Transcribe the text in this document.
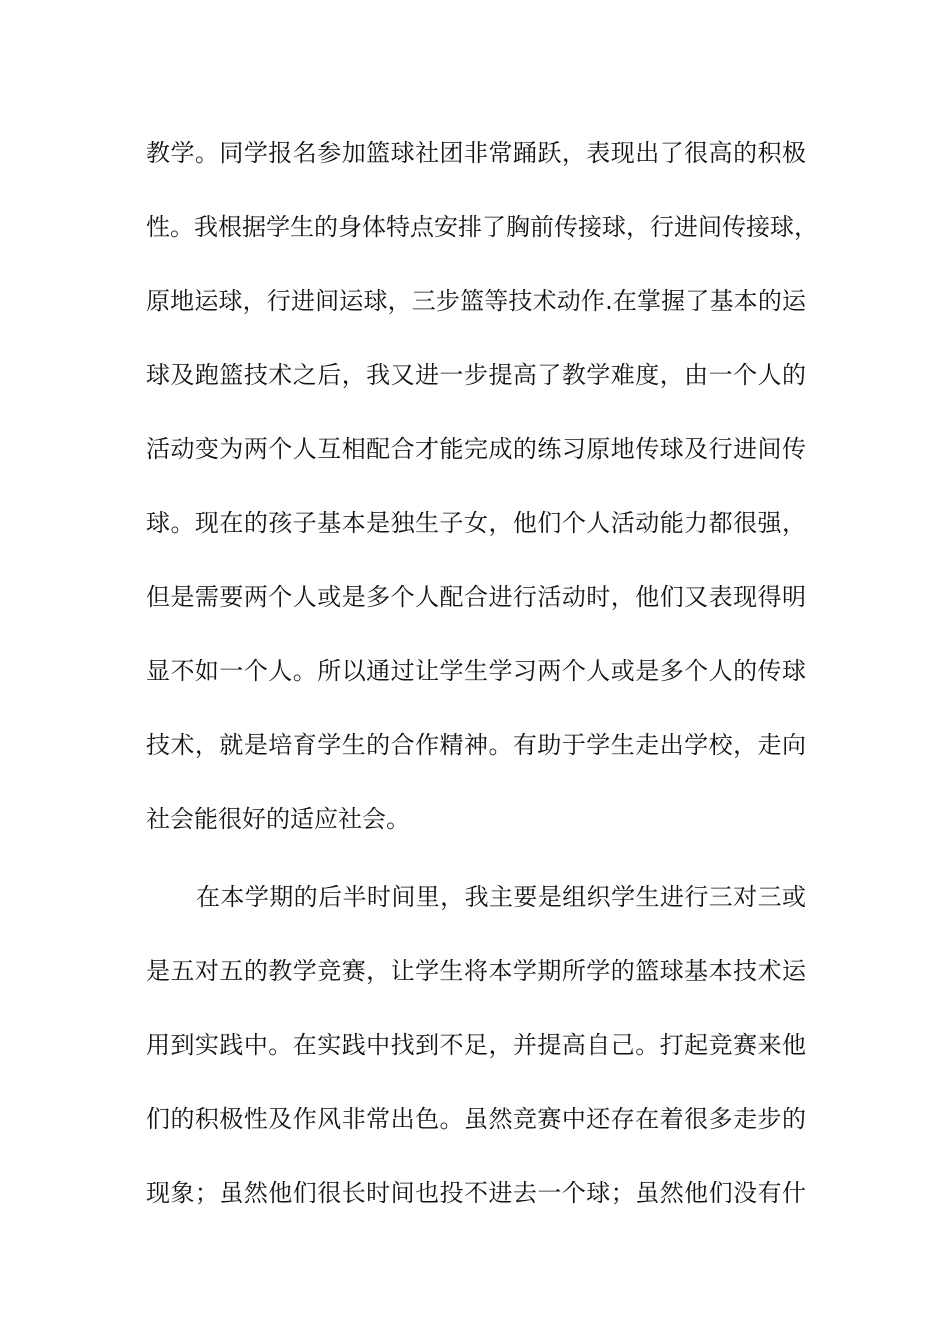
教学。同学报名参加篮球社团非常踊跃，表现出了很高的积极
性。我根据学生的身体特点安排了胸前传接球，行进间传接球，
原地运球，行进间运球，三步篮等技术动作.在掌握了基本的运
球及跑篮技术之后，我又进一步提高了教学难度，由一个人的
活动变为两个人互相配合才能完成的练习原地传球及行进间传
球。现在的孩子基本是独生子女，他们个人活动能力都很强，
但是需要两个人或是多个人配合进行活动时，他们又表现得明
显不如一个人。所以通过让学生学习两个人或是多个人的传球
技术，就是培育学生的合作精神。有助于学生走出学校，走向
社会能很好的适应社会。
在本学期的后半时间里，我主要是组织学生进行三对三或
是五对五的教学竞赛，让学生将本学期所学的篮球基本技术运
用到实践中。在实践中找到不足，并提高自己。打起竞赛来他
们的积极性及作风非常出色。虽然竞赛中还存在着很多走步的
现象；虽然他们很长时间也投不进去一个球；虽然他们没有什
